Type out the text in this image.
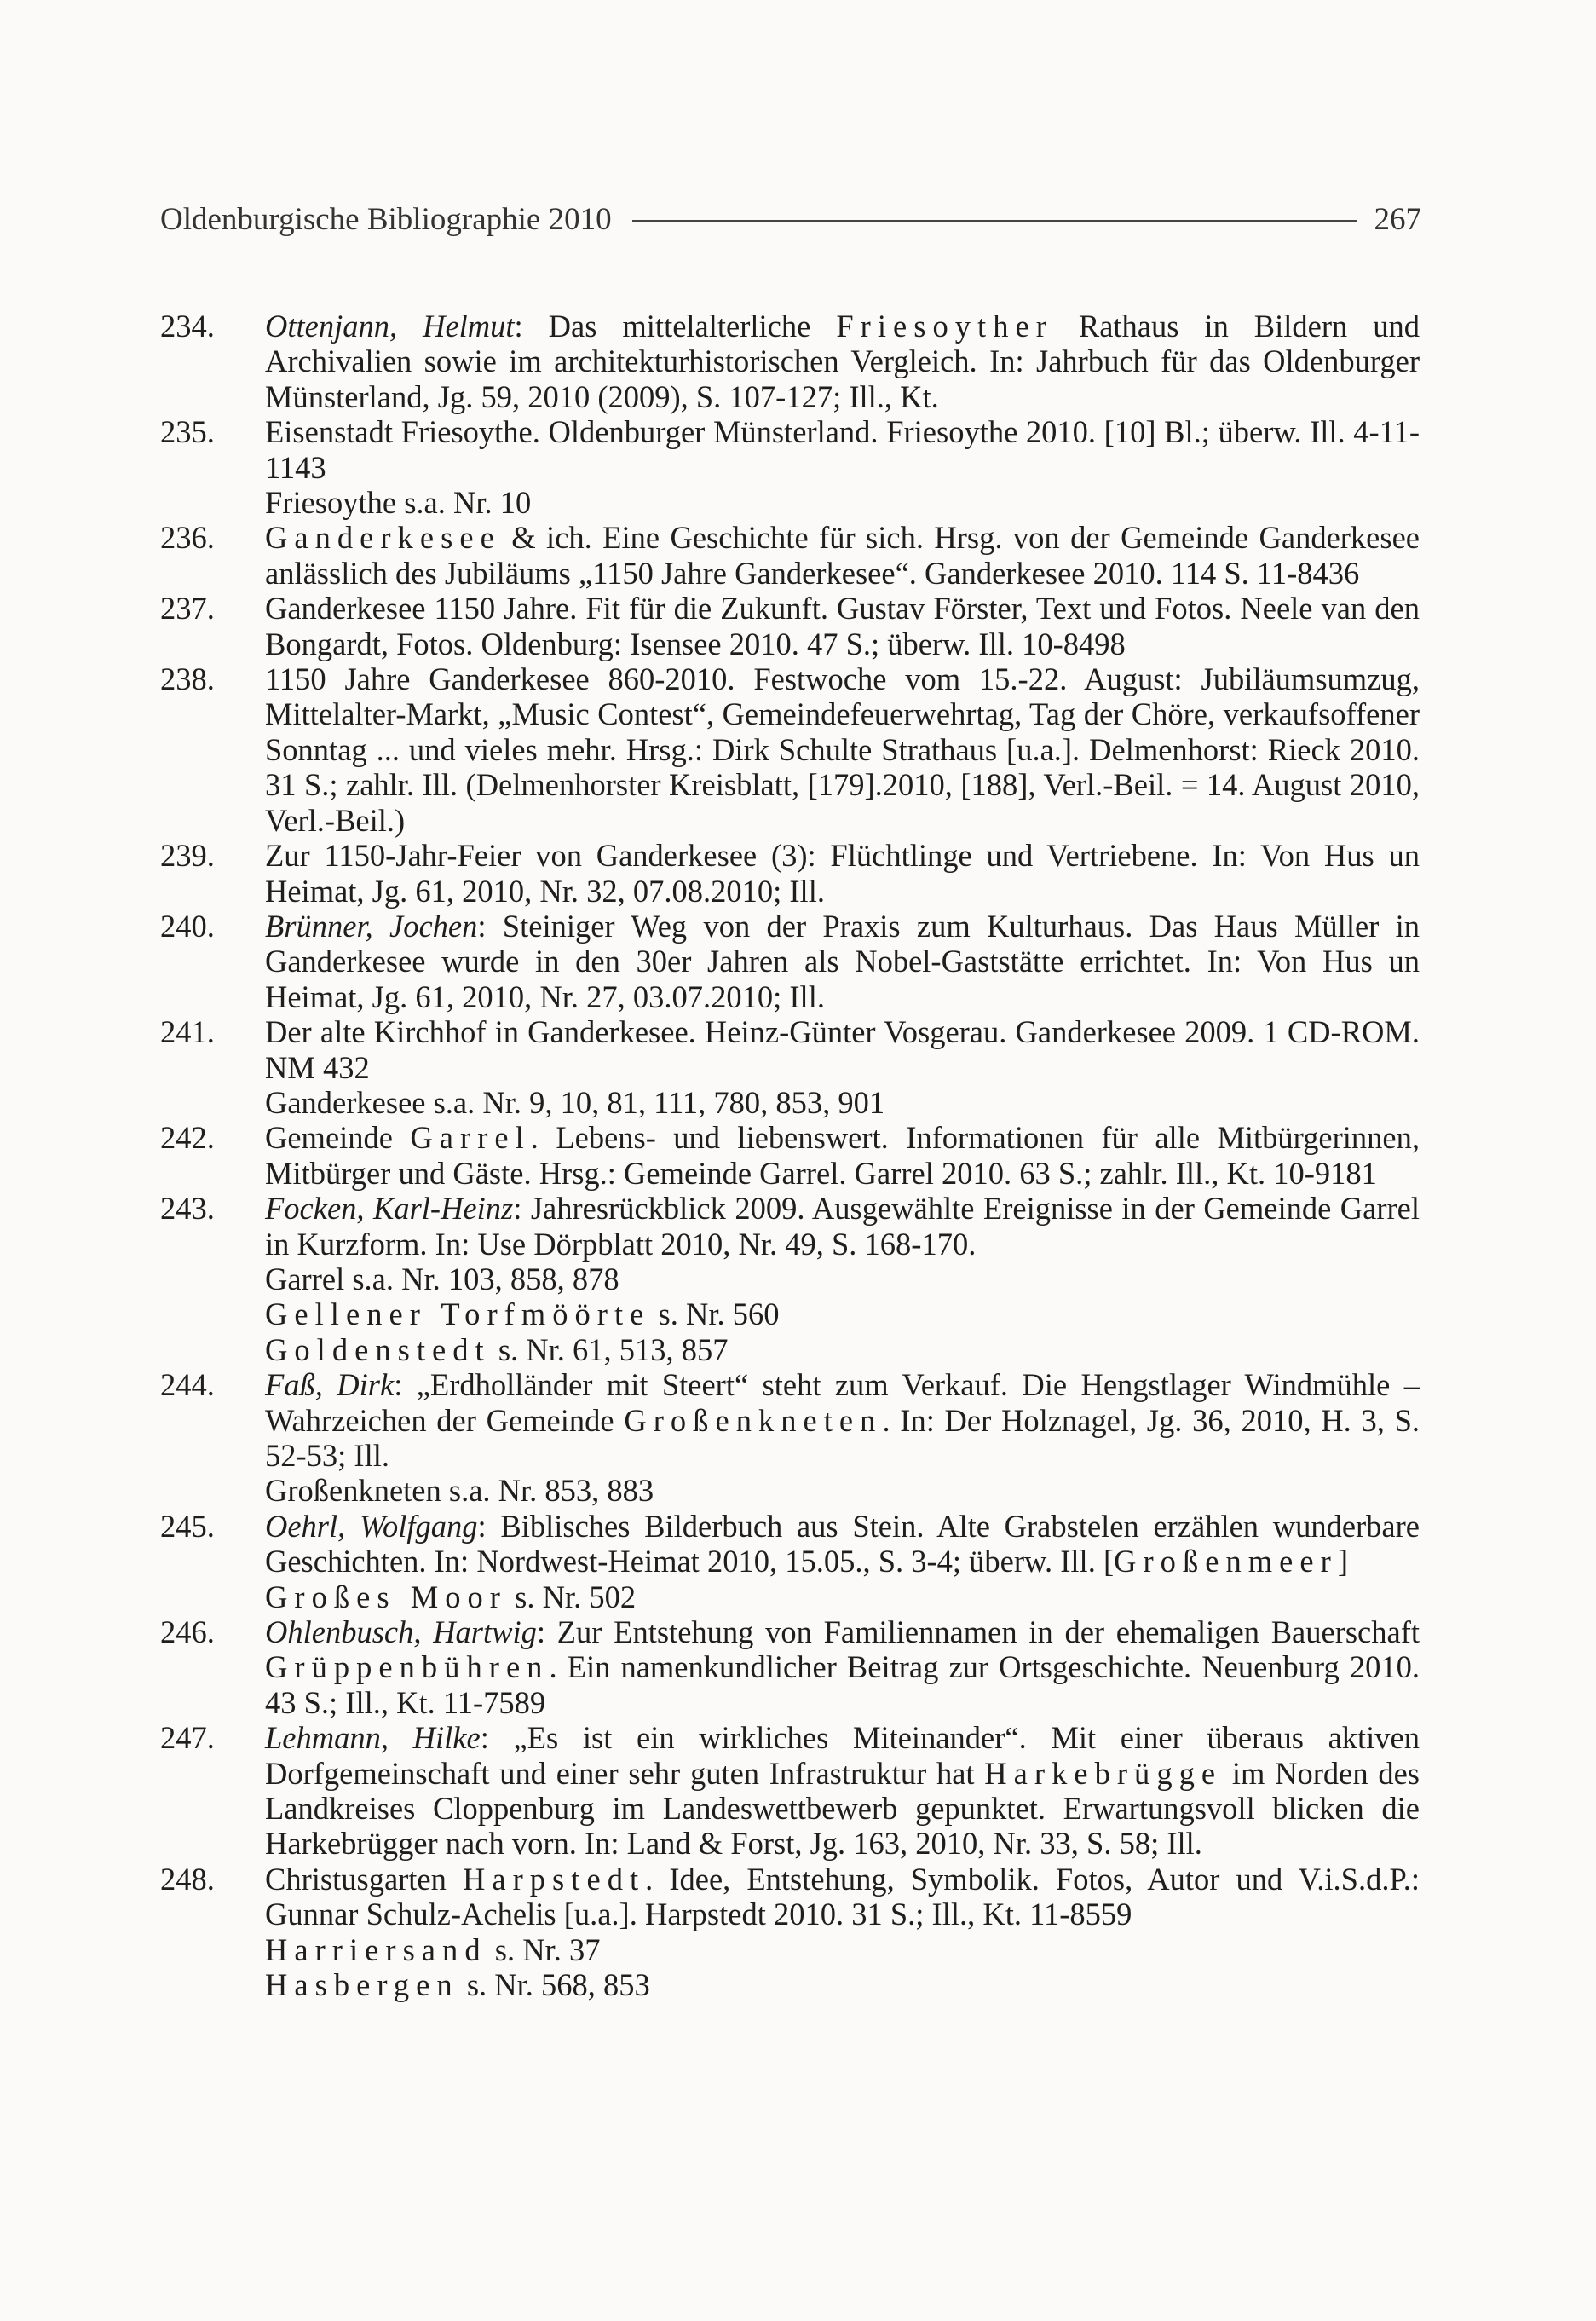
Oldenburgische Bibliographie 2010	267
234.	Ottenjann, Helmut: Das mittelalterliche Friesoyther Rathaus in Bildern und Archivalien sowie im architekturhistorischen Vergleich. In: Jahrbuch für das Oldenburger Münsterland, Jg. 59, 2010 (2009), S. 107-127; Ill., Kt.
235.	Eisenstadt Friesoythe. Oldenburger Münsterland. Friesoythe 2010. [10] Bl.; überw. Ill. 4-11-1143
Friesoythe s.a. Nr. 10
236.	Ganderkesee & ich. Eine Geschichte für sich. Hrsg. von der Gemeinde Ganderkesee anlässlich des Jubiläums „1150 Jahre Ganderkesee“. Ganderkesee 2010. 114 S. 11-8436
237.	Ganderkesee 1150 Jahre. Fit für die Zukunft. Gustav Förster, Text und Fotos. Neele van den Bongardt, Fotos. Oldenburg: Isensee 2010. 47 S.; überw. Ill. 10-8498
238.	1150 Jahre Ganderkesee 860-2010. Festwoche vom 15.-22. August: Jubiläumsumzug, Mittelalter-Markt, „Music Contest“, Gemeindefeuerwehrtag, Tag der Chöre, verkaufsoffener Sonntag ... und vieles mehr. Hrsg.: Dirk Schulte Strathaus [u.a.]. Delmenhorst: Rieck 2010. 31 S.; zahlr. Ill. (Delmenhorster Kreisblatt, [179].2010, [188], Verl.-Beil. = 14. August 2010, Verl.-Beil.)
239.	Zur 1150-Jahr-Feier von Ganderkesee (3): Flüchtlinge und Vertriebene. In: Von Hus un Heimat, Jg. 61, 2010, Nr. 32, 07.08.2010; Ill.
240.	Brünner, Jochen: Steiniger Weg von der Praxis zum Kulturhaus. Das Haus Müller in Ganderkesee wurde in den 30er Jahren als Nobel-Gaststätte errichtet. In: Von Hus un Heimat, Jg. 61, 2010, Nr. 27, 03.07.2010; Ill.
241.	Der alte Kirchhof in Ganderkesee. Heinz-Günter Vosgerau. Ganderkesee 2009. 1 CD-ROM. NM 432
Ganderkesee s.a. Nr. 9, 10, 81, 111, 780, 853, 901
242.	Gemeinde Garrel. Lebens- und liebenswert. Informationen für alle Mitbürgerinnen, Mitbürger und Gäste. Hrsg.: Gemeinde Garrel. Garrel 2010. 63 S.; zahlr. Ill., Kt. 10-9181
243.	Focken, Karl-Heinz: Jahresrückblick 2009. Ausgewählte Ereignisse in der Gemeinde Garrel in Kurzform. In: Use Dörpblatt 2010, Nr. 49, S. 168-170.
Garrel s.a. Nr. 103, 858, 878
Gellener Torfmöörte s. Nr. 560
Goldenstedt s. Nr. 61, 513, 857
244.	Faß, Dirk: „Erdholländer mit Steert“ steht zum Verkauf. Die Hengstlager Windmühle – Wahrzeichen der Gemeinde Großenkneten. In: Der Holznagel, Jg. 36, 2010, H. 3, S. 52-53; Ill.
Großenkneten s.a. Nr. 853, 883
245.	Oehrl, Wolfgang: Biblisches Bilderbuch aus Stein. Alte Grabstelen erzählen wunderbare Geschichten. In: Nordwest-Heimat 2010, 15.05., S. 3-4; überw. Ill. [Großenmeer]
Großes Moor s. Nr. 502
246.	Ohlenbusch, Hartwig: Zur Entstehung von Familiennamen in der ehemaligen Bauerschaft Grüppenbühren. Ein namenkundlicher Beitrag zur Ortsgeschichte. Neuenburg 2010. 43 S.; Ill., Kt. 11-7589
247.	Lehmann, Hilke: „Es ist ein wirkliches Miteinander“. Mit einer überaus aktiven Dorfgemeinschaft und einer sehr guten Infrastruktur hat Harkebrügge im Norden des Landkreises Cloppenburg im Landeswettbewerb gepunktet. Erwartungsvoll blicken die Harkebrügger nach vorn. In: Land & Forst, Jg. 163, 2010, Nr. 33, S. 58; Ill.
248.	Christusgarten Harpstedt. Idee, Entstehung, Symbolik. Fotos, Autor und V.i.S.d.P.: Gunnar Schulz-Achelis [u.a.]. Harpstedt 2010. 31 S.; Ill., Kt. 11-8559
Harriersand s. Nr. 37
Hasbergen s. Nr. 568, 853
